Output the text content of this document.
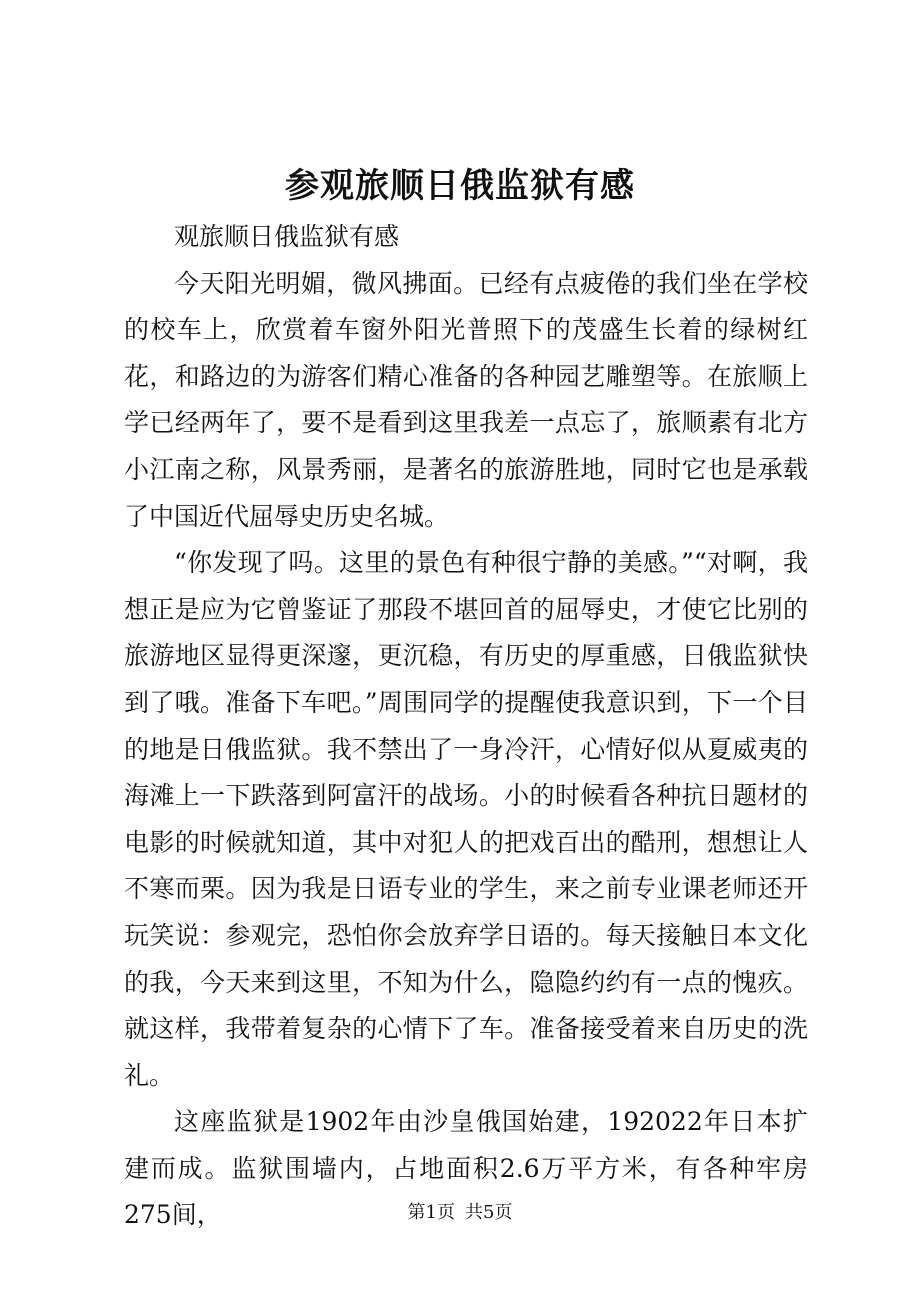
参观旅顺日俄监狱有感

观旅顺日俄监狱有感

今天阳光明媚，微风拂面。已经有点疲倦的我们坐在学校的校车上，欣赏着车窗外阳光普照下的茂盛生长着的绿树红花，和路边的为游客们精心准备的各种园艺雕塑等。在旅顺上学已经两年了，要不是看到这里我差一点忘了，旅顺素有北方小江南之称，风景秀丽，是著名的旅游胜地，同时它也是承载了中国近代屈辱史历史名城。

“你发现了吗。这里的景色有种很宁静的美感。”“对啊，我想正是应为它曾鉴证了那段不堪回首的屈辱史，才使它比别的旅游地区显得更深邃，更沉稳，有历史的厚重感，日俄监狱快到了哦。准备下车吧。”周围同学的提醒使我意识到，下一个目的地是日俄监狱。我不禁出了一身冷汗，心情好似从夏威夷的海滩上一下跌落到阿富汗的战场。小的时候看各种抗日题材的电影的时候就知道，其中对犯人的把戏百出的酷刑，想想让人不寒而栗。因为我是日语专业的学生，来之前专业课老师还开玩笑说：参观完，恐怕你会放弃学日语的。每天接触日本文化的我，今天来到这里，不知为什么，隐隐约约有一点的愧疚。就这样，我带着复杂的心情下了车。准备接受着来自历史的洗礼。

这座监狱是1902年由沙皇俄国始建，192022年日本扩建而成。监狱围墙内，占地面积2.6万平方米，有各种牢房275间，	第1页 共5页
